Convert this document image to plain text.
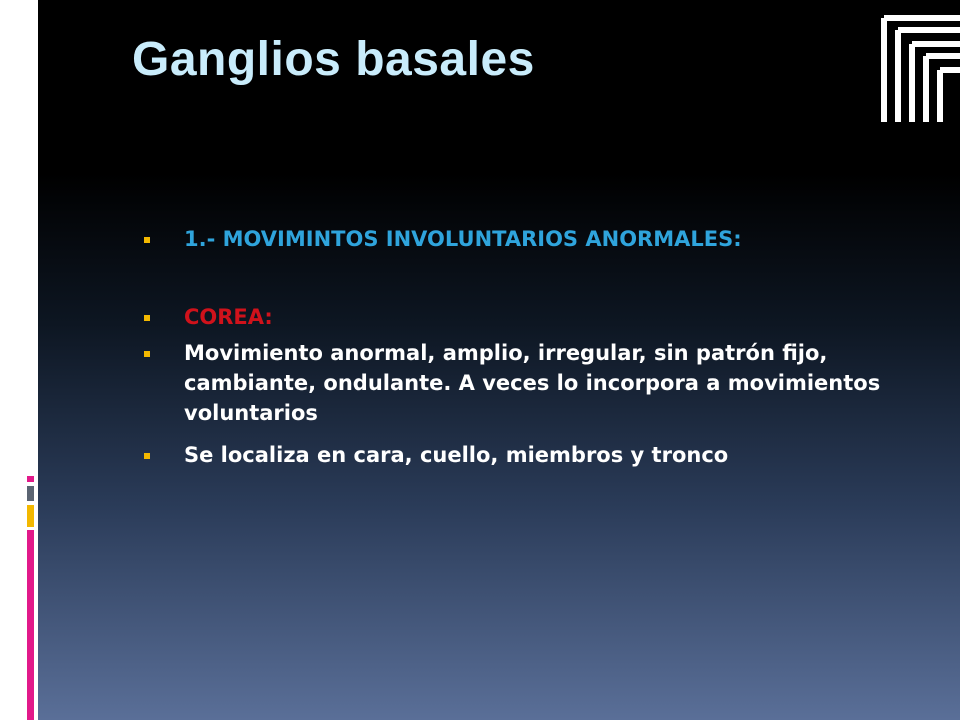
Ganglios basales
1.- MOVIMINTOS INVOLUNTARIOS ANORMALES:
COREA:
Movimiento anormal, amplio, irregular, sin patrón fijo, cambiante, ondulante. A veces lo incorpora a movimientos voluntarios
Se localiza en cara, cuello, miembros y tronco
